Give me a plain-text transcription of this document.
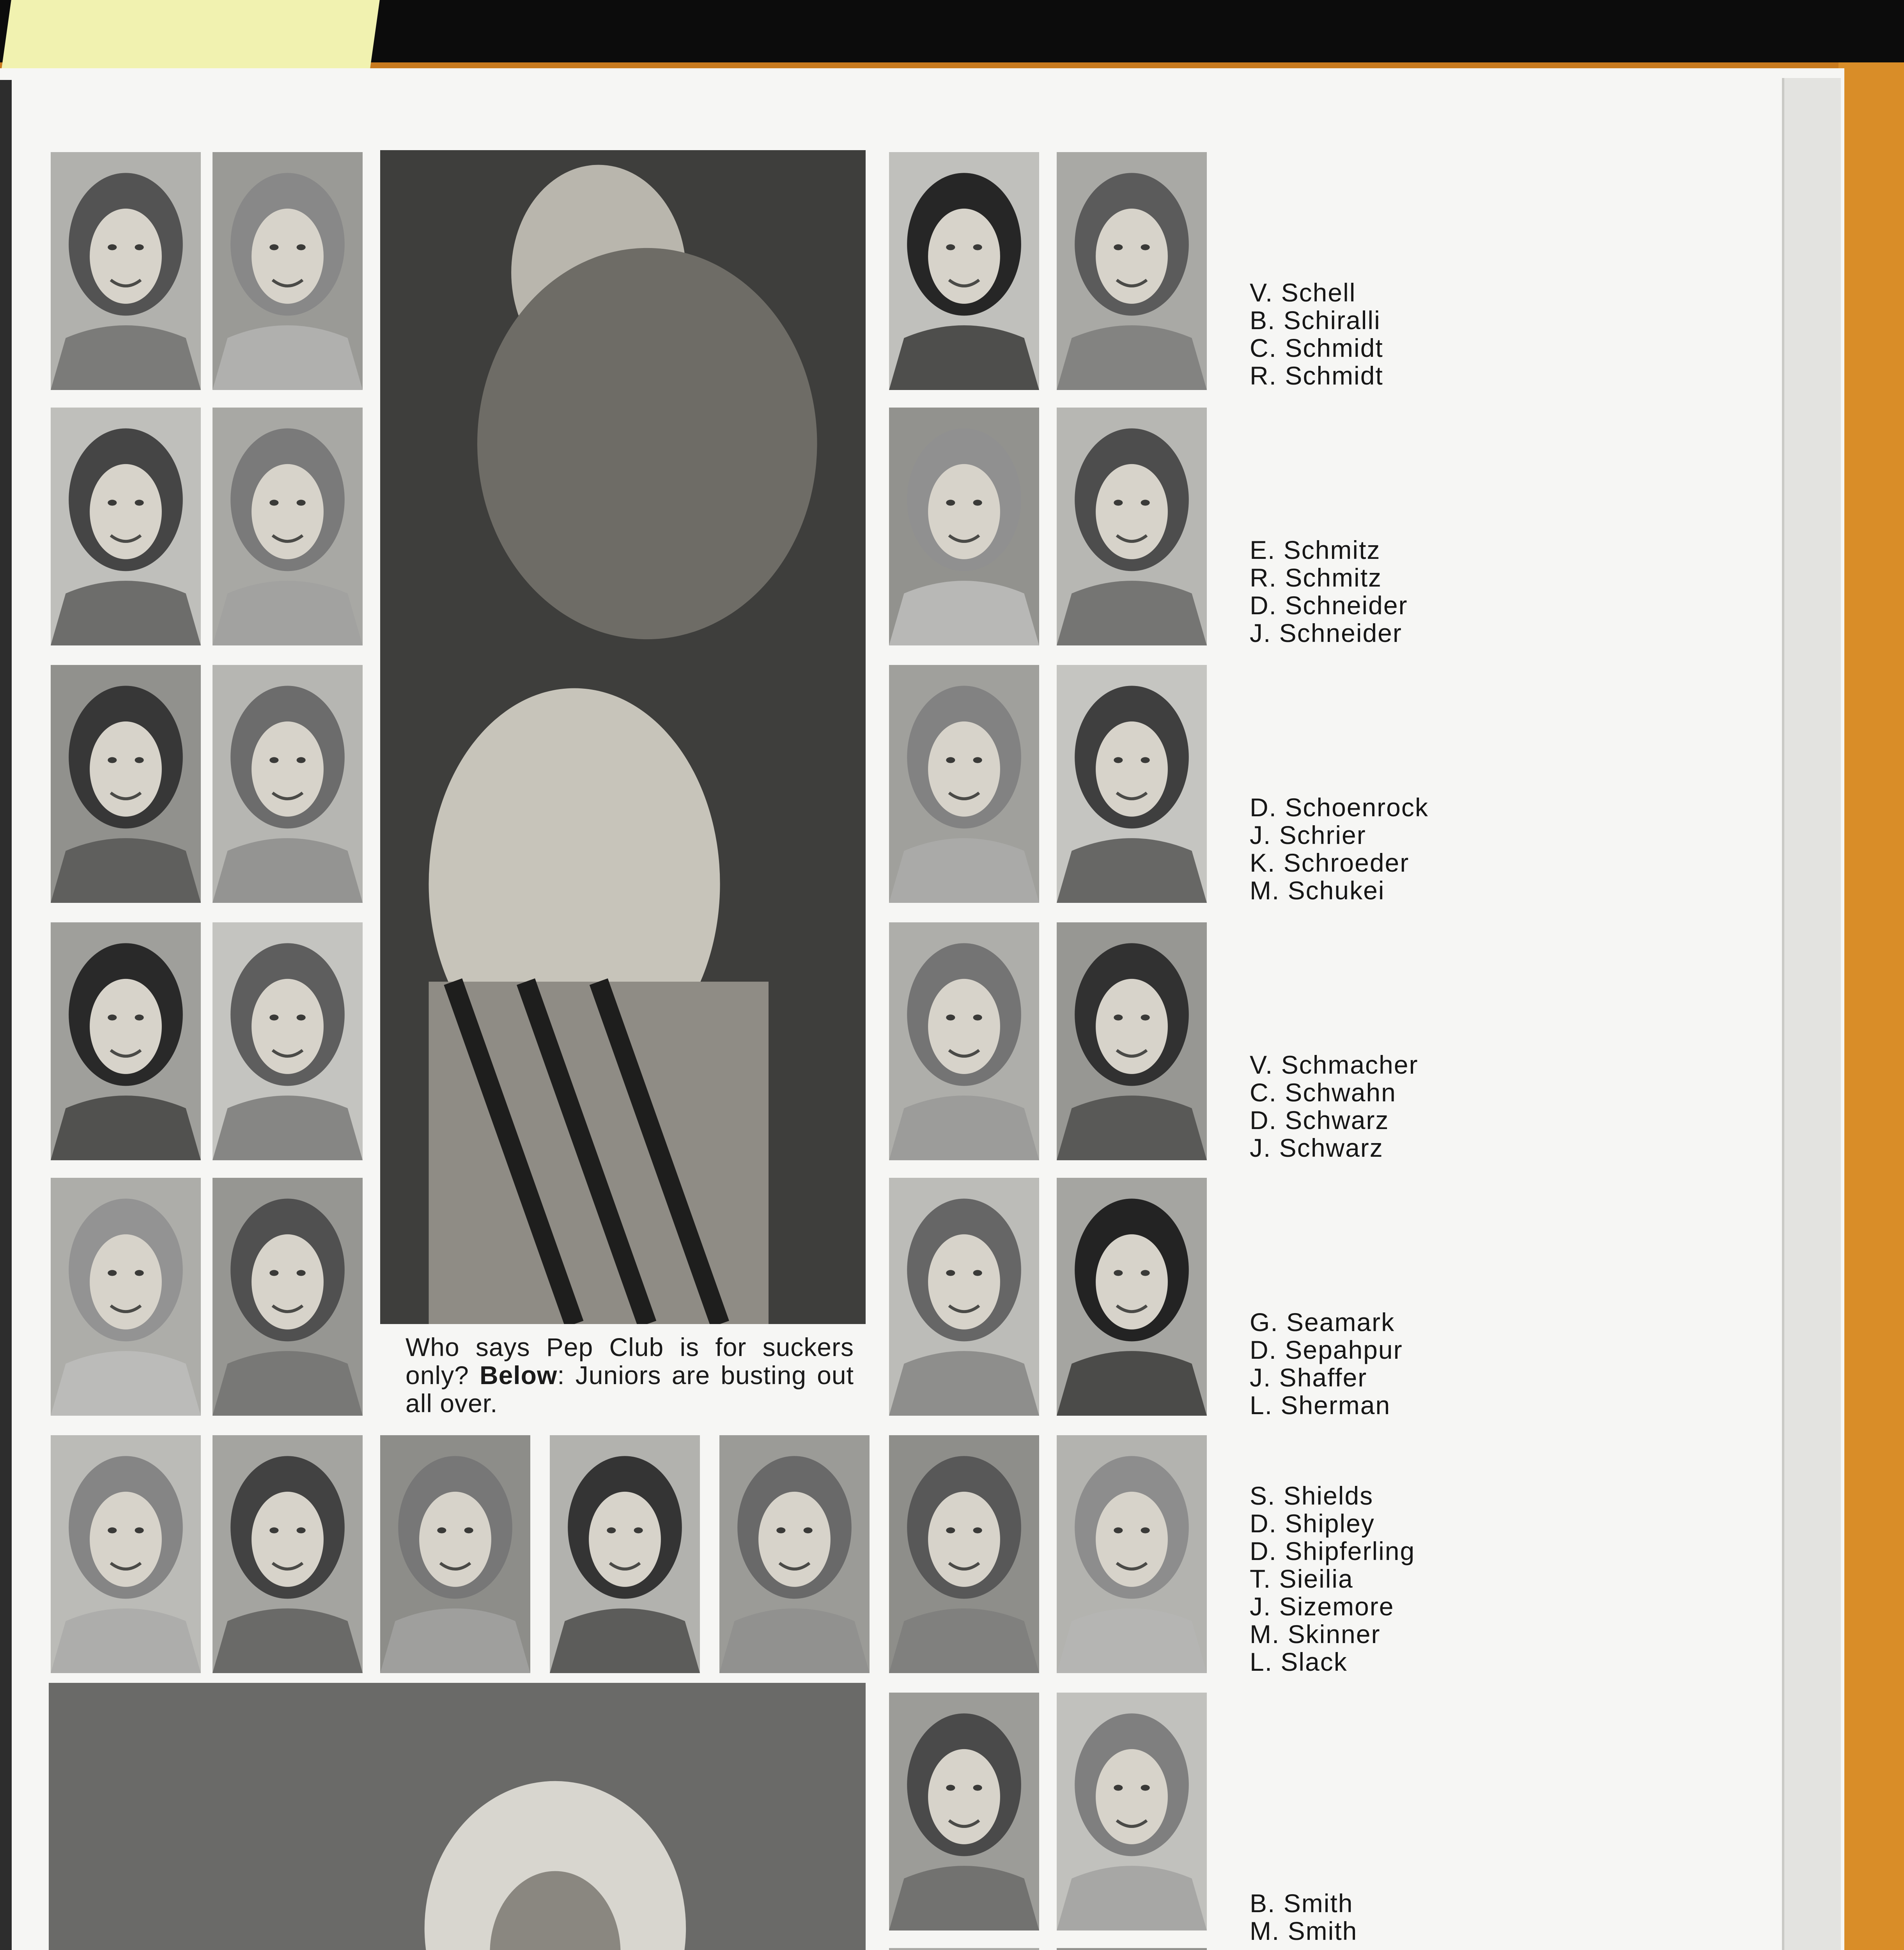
Who says Pep Club is for suckers only? Below: Juniors are busting out all over.
V. Schell
B. Schiralli
C. Schmidt
R. Schmidt
E. Schmitz
R. Schmitz
D. Schneider
J. Schneider
D. Schoenrock
J. Schrier
K. Schroeder
M. Schukei
V. Schmacher
C. Schwahn
D. Schwarz
J. Schwarz
G. Seamark
D. Sepahpur
J. Shaffer
L. Sherman
S. Shields
D. Shipley
D. Shipferling
T. Sieilia
J. Sizemore
M. Skinner
L. Slack
B. Smith
M. Smith
